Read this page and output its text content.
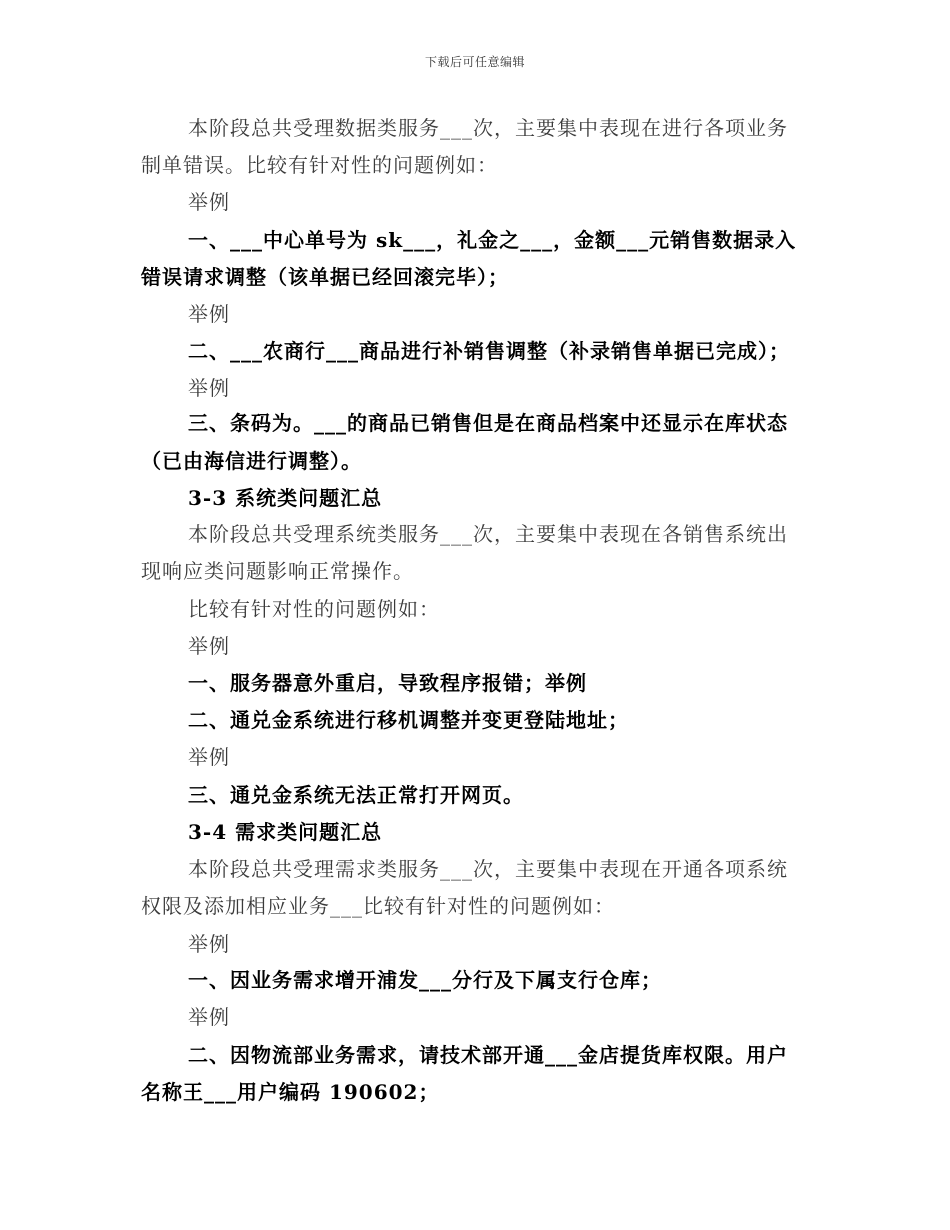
下载后可任意编辑
本阶段总共受理数据类服务___次，主要集中表现在进行各项业务
制单错误。比较有针对性的问题例如：
举例
一、___中心单号为 sk___，礼金之___，金额___元销售数据录入
错误请求调整（该单据已经回滚完毕）；
举例
二、___农商行___商品进行补销售调整（补录销售单据已完成）；
举例
三、条码为。___的商品已销售但是在商品档案中还显示在库状态
（已由海信进行调整）。
3-3 系统类问题汇总
本阶段总共受理系统类服务___次，主要集中表现在各销售系统出
现响应类问题影响正常操作。
比较有针对性的问题例如：
举例
一、服务器意外重启，导致程序报错；举例
二、通兑金系统进行移机调整并变更登陆地址；
举例
三、通兑金系统无法正常打开网页。
3-4 需求类问题汇总
本阶段总共受理需求类服务___次，主要集中表现在开通各项系统
权限及添加相应业务___比较有针对性的问题例如：
举例
一、因业务需求增开浦发___分行及下属支行仓库；
举例
二、因物流部业务需求，请技术部开通___金店提货库权限。用户
名称王___用户编码 190602；
